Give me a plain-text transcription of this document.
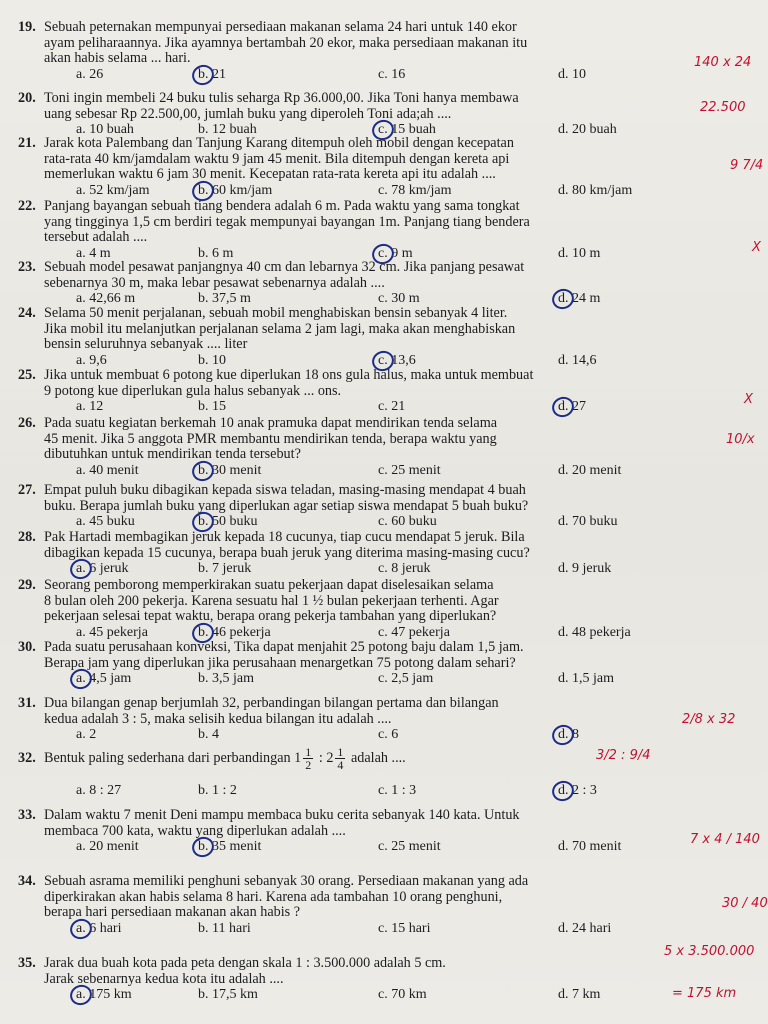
19. Sebuah peternakan mempunyai persediaan makanan selama 24 hari untuk 140 ekor
ayam peliharaannya. Jika ayamnya bertambah 20 ekor, maka persediaan makanan itu
akan habis selama ... hari.
a. 26	b. 21	c. 16	d. 10
20. Toni ingin membeli 24 buku tulis seharga Rp 36.000,00. Jika Toni hanya membawa
uang sebesar Rp 22.500,00, jumlah buku yang diperoleh Toni ada;ah ....
a. 10 buah	b. 12 buah	c. 15 buah	d. 20 buah
21. Jarak kota Palembang dan Tanjung Karang ditempuh oleh mobil dengan kecepatan
rata-rata 40 km/jamdalam waktu 9 jam 45 menit. Bila ditempuh dengan kereta api
memerlukan waktu 6 jam 30 menit. Kecepatan rata-rata kereta api itu adalah ....
a. 52 km/jam	b. 60 km/jam	c. 78 km/jam	d. 80 km/jam
22. Panjang bayangan sebuah tiang bendera adalah 6 m. Pada waktu yang sama tongkat
yang tingginya 1,5 cm berdiri tegak mempunyai bayangan 1m. Panjang tiang bendera
tersebut adalah ....
a. 4 m	b. 6 m	c. 9 m	d. 10 m
23. Sebuah model pesawat panjangnya 40 cm dan lebarnya 32 cm. Jika panjang pesawat
sebenarnya 30 m, maka lebar pesawat sebenarnya adalah ....
a. 42,66 m	b. 37,5 m	c. 30 m	d. 24 m
24. Selama 50 menit perjalanan, sebuah mobil menghabiskan bensin sebanyak 4 liter.
Jika mobil itu melanjutkan perjalanan selama 2 jam lagi, maka akan menghabiskan
bensin seluruhnya sebanyak .... liter
a. 9,6	b. 10	c. 13,6	d. 14,6
25. Jika untuk membuat 6 potong kue diperlukan 18 ons gula halus, maka untuk membuat
9 potong kue diperlukan gula halus sebanyak ... ons.
a. 12	b. 15	c. 21	d. 27
26. Pada suatu kegiatan berkemah 10 anak pramuka dapat mendirikan tenda selama
45 menit. Jika 5 anggota PMR membantu mendirikan tenda, berapa waktu yang
dibutuhkan untuk mendirikan tenda tersebut?
a. 40 menit	b. 30 menit	c. 25 menit	d. 20 menit
27. Empat puluh buku dibagikan kepada siswa teladan, masing-masing mendapat 4 buah
buku. Berapa jumlah buku yang diperlukan agar setiap siswa mendapat 5 buah buku?
a. 45 buku	b. 50 buku	c. 60 buku	d. 70 buku
28. Pak Hartadi membagikan jeruk kepada 18 cucunya, tiap cucu mendapat 5 jeruk. Bila
dibagikan kepada 15 cucunya, berapa buah jeruk yang diterima masing-masing cucu?
a. 6 jeruk	b. 7 jeruk	c. 8 jeruk	d. 9 jeruk
29. Seorang pemborong memperkirakan suatu pekerjaan dapat diselesaikan selama
8 bulan oleh 200 pekerja. Karena sesuatu hal 1 ½ bulan pekerjaan terhenti. Agar
pekerjaan selesai tepat waktu, berapa orang pekerja tambahan yang diperlukan?
a. 45 pekerja	b. 46 pekerja	c. 47 pekerja	d. 48 pekerja
30. Pada suatu perusahaan konveksi, Tika dapat menjahit 25 potong baju dalam 1,5 jam.
Berapa jam yang diperlukan jika perusahaan menargetkan 75 potong dalam sehari?
a. 4,5 jam	b. 3,5 jam	c. 2,5 jam	d. 1,5 jam
31. Dua bilangan genap berjumlah 32, perbandingan bilangan pertama dan bilangan
kedua adalah 3 : 5, maka selisih kedua bilangan itu adalah ....
a. 2	b. 4	c. 6	d. 8
32. Bentuk paling sederhana dari perbandingan $1 \frac{1}{2}$ : $2 \frac{1}{4}$ adalah ....
a. 8 : 27	b. 1 : 2	c. 1 : 3	d. 2 : 3
33. Dalam waktu 7 menit Deni mampu membaca buku cerita sebanyak 140 kata. Untuk
membaca 700 kata, waktu yang diperlukan adalah ....
a. 20 menit	b. 35 menit	c. 25 menit	d. 70 menit
34. Sebuah asrama memiliki penghuni sebanyak 30 orang. Persediaan makanan yang ada
diperkirakan akan habis selama 8 hari. Karena ada tambahan 10 orang penghuni,
berapa hari persediaan makanan akan habis ?
a. 6 hari	b. 11 hari	c. 15 hari	d. 24 hari
35. Jarak dua buah kota pada peta dengan skala 1 : 3.500.000 adalah 5 cm.
Jarak sebenarnya kedua kota itu adalah ....
a. 175 km	b. 17,5 km	c. 70 km	d. 7 km
140 x 24
22.500
9 7/4
2/8 x 32
3/2 : 9/4
7 x 4 / 140
30 / 40
5 x 3.500.000
= 175 km
X
X
10/x
